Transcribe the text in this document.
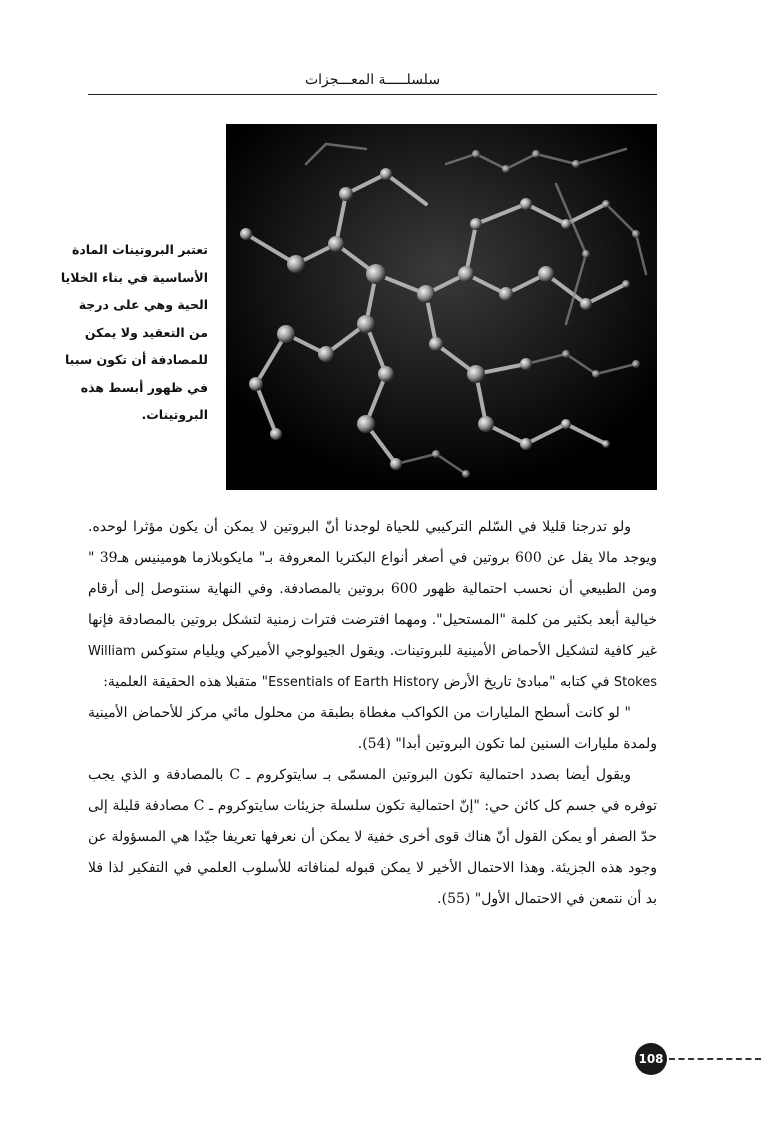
سلسلـــــة المعـــجزات
تعتبر البروتينات المادة الأساسية في بناء الخلايا الحية وهي على درجة من التعقيد ولا يمكن للمصادفة أن تكون سببا في ظهور أبسط هذه البروتينات.

ولو تدرجنا قليلا في السّلم التركيبي للحياة لوجدنا أنّ البروتين لا يمكن أن يكون مؤثرا لوحده. ويوجد مالا يقل عن 600 بروتين في أصغر أنواع البكتريا المعروفة بـ" مايكوبلازما هومينيس هـ39 " ومن الطبيعي أن نحسب احتمالية ظهور 600 بروتين بالمصادفة. وفي النهاية سنتوصل إلى أرقام خيالية أبعد بكثير من كلمة "المستحيل". ومهما افترضت فترات زمنية لتشكل بروتين بالمصادفة فإنها غير كافية لتشكيل الأحماض الأمينية للبروتينات. ويقول الجيولوجي الأميركي ويليام ستوكس William Stokes في كتابه "مبادئ تاريخ الأرض Essentials of Earth History" متقبلا هذه الحقيقة العلمية:

" لو كانت أسطح المليارات من الكواكب مغطاة بطبقة من محلول مائي مركز للأحماض الأمينية ولمدة مليارات السنين لما تكون البروتين أبدا" (54).

ويقول أيضا بصدد احتمالية تكون البروتين المسمّى بـ سايتوكروم ـ C بالمصادفة و الذي يجب توفره في جسم كل كائن حي: "إنّ احتمالية تكون سلسلة جزيئات سايتوكروم ـ C مصادفة قليلة إلى حدّ الصفر أو يمكن القول أنّ هناك قوى أخرى خفية لا يمكن أن نعرفها تعريفا جيّدا هي المسؤولة عن وجود هذه الجزيئة. وهذا الاحتمال الأخير لا يمكن قبوله لمنافاته للأسلوب العلمي في التفكير لذا فلا بد أن نتمعن في الاحتمال الأول" (55).

108
